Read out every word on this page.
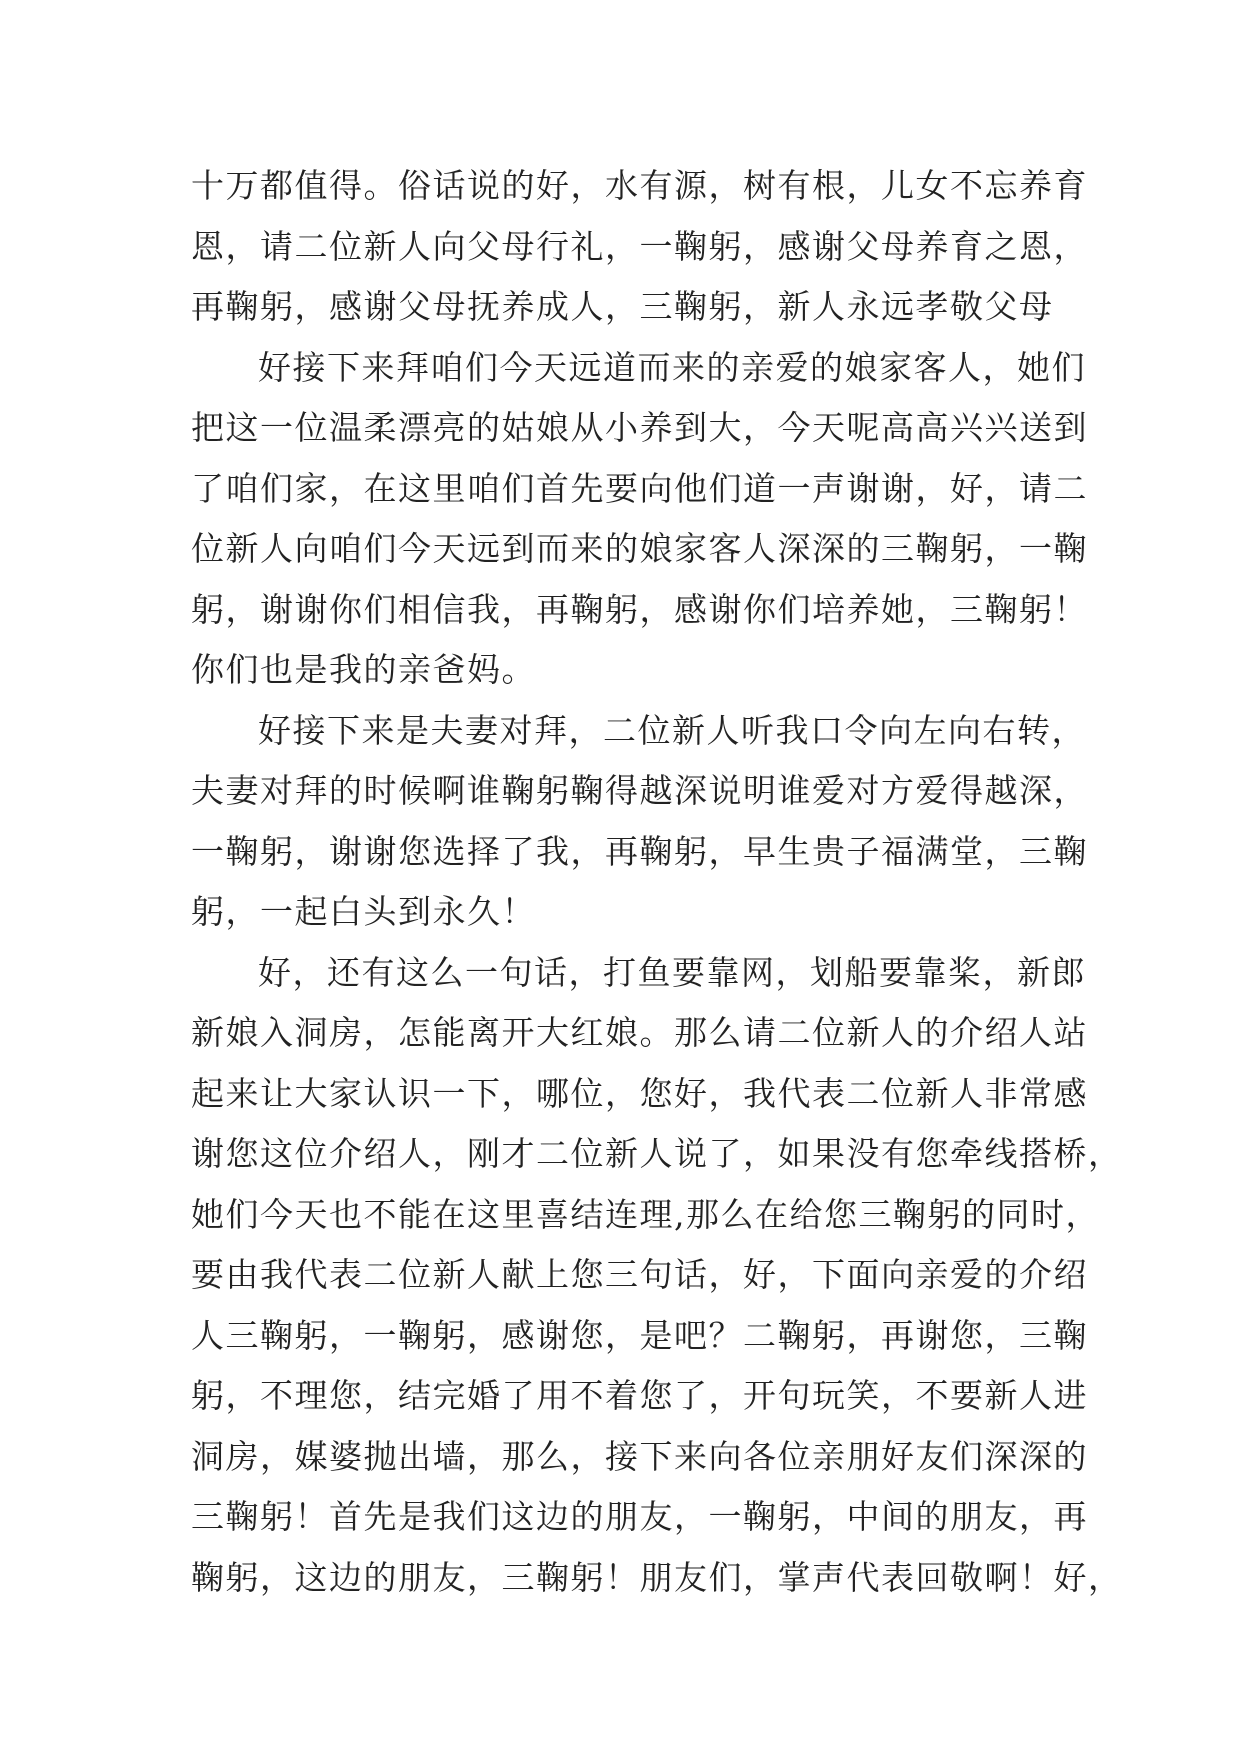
十万都值得。俗话说的好，水有源，树有根，儿女不忘养育
恩，请二位新人向父母行礼，一鞠躬，感谢父母养育之恩，
再鞠躬，感谢父母抚养成人，三鞠躬，新人永远孝敬父母
好接下来拜咱们今天远道而来的亲爱的娘家客人，她们
把这一位温柔漂亮的姑娘从小养到大，今天呢高高兴兴送到
了咱们家，在这里咱们首先要向他们道一声谢谢，好，请二
位新人向咱们今天远到而来的娘家客人深深的三鞠躬，一鞠
躬，谢谢你们相信我，再鞠躬，感谢你们培养她，三鞠躬！
你们也是我的亲爸妈。
好接下来是夫妻对拜，二位新人听我口令向左向右转，
夫妻对拜的时候啊谁鞠躬鞠得越深说明谁爱对方爱得越深，
一鞠躬，谢谢您选择了我，再鞠躬，早生贵子福满堂，三鞠
躬，一起白头到永久！
好，还有这么一句话，打鱼要靠网，划船要靠桨，新郎
新娘入洞房，怎能离开大红娘。那么请二位新人的介绍人站
起来让大家认识一下，哪位，您好，我代表二位新人非常感
谢您这位介绍人，刚才二位新人说了，如果没有您牵线搭桥，
她们今天也不能在这里喜结连理,那么在给您三鞠躬的同时，
要由我代表二位新人献上您三句话，好，下面向亲爱的介绍
人三鞠躬，一鞠躬，感谢您，是吧？二鞠躬，再谢您，三鞠
躬，不理您，结完婚了用不着您了，开句玩笑，不要新人进
洞房，媒婆抛出墙，那么，接下来向各位亲朋好友们深深的
三鞠躬！首先是我们这边的朋友，一鞠躬，中间的朋友，再
鞠躬，这边的朋友，三鞠躬！朋友们，掌声代表回敬啊！好，
